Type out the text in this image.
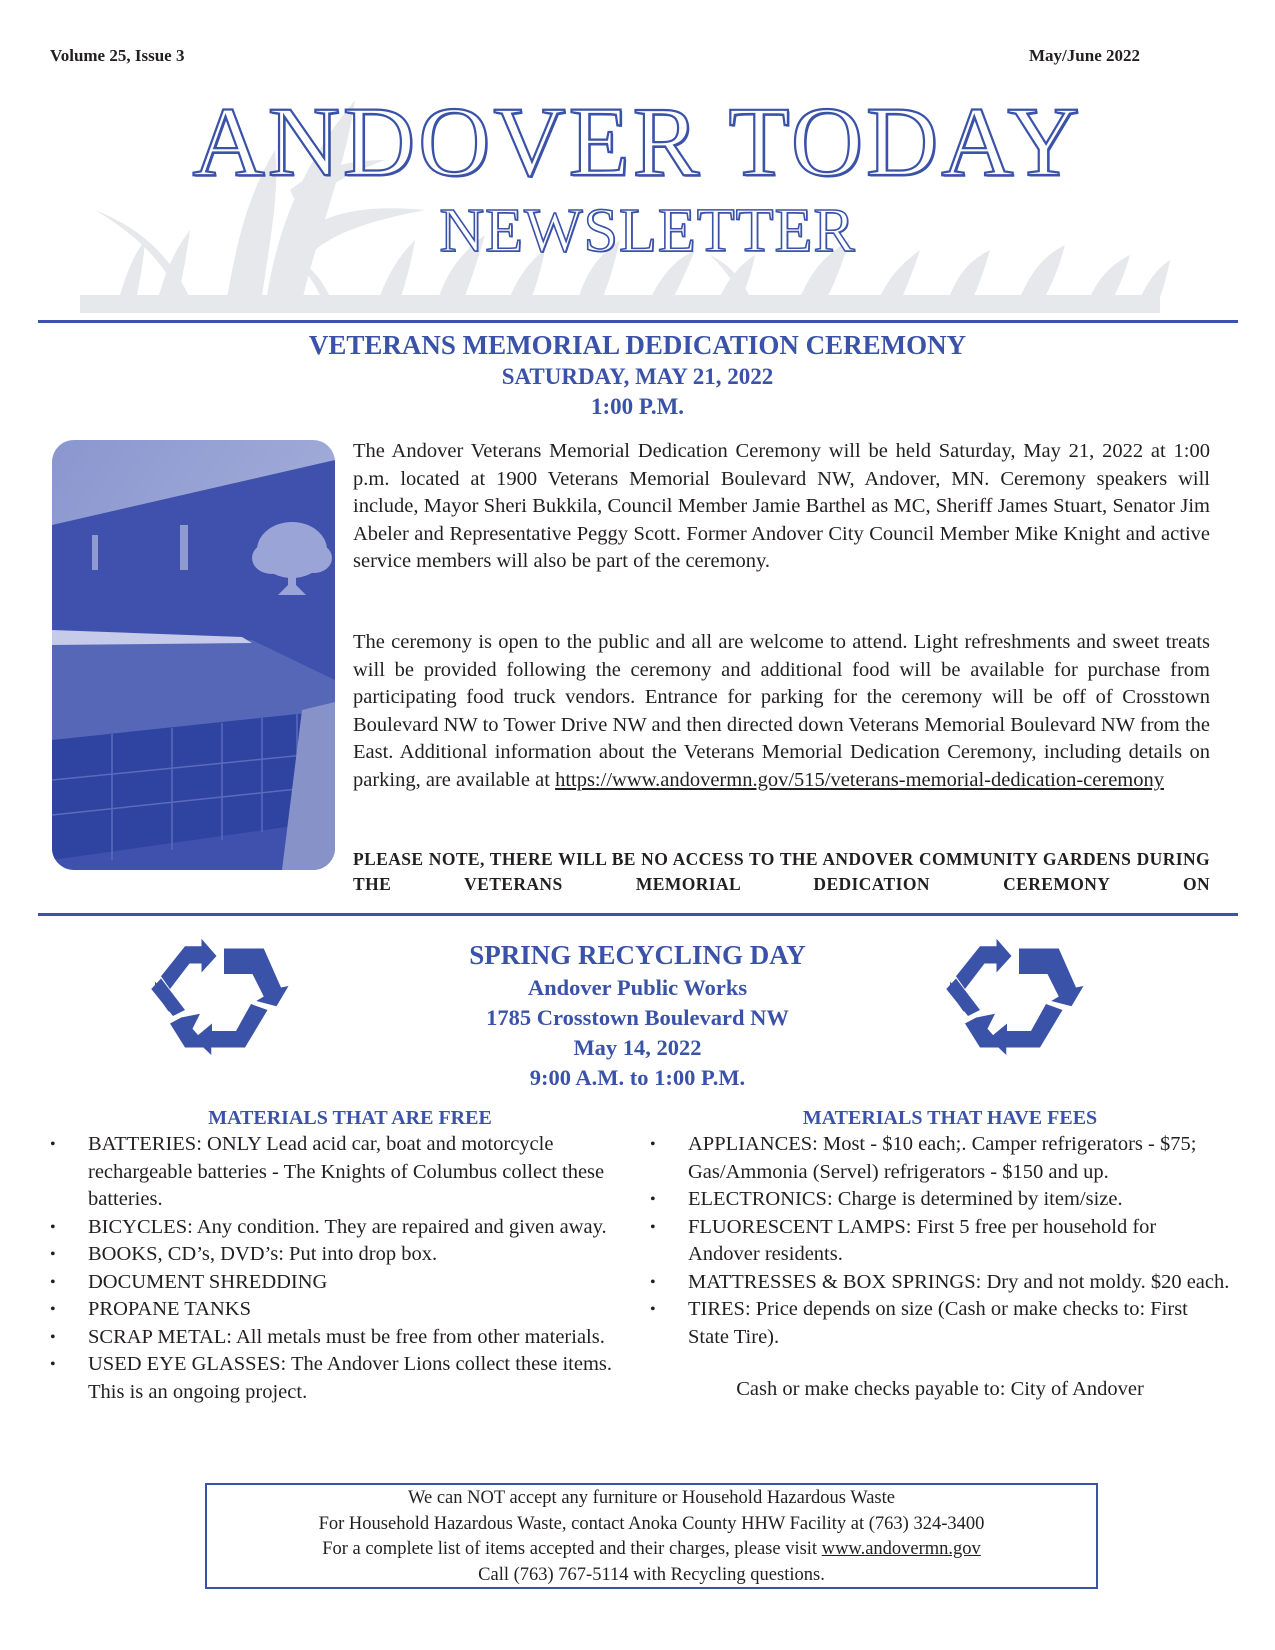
Volume 25, Issue 3	May/June 2022
ANDOVER TODAY
NEWSLETTER
VETERANS MEMORIAL DEDICATION CEREMONY
SATURDAY, MAY 21, 2022
1:00 P.M.
The Andover Veterans Memorial Dedication Ceremony will be held Saturday, May 21, 2022 at 1:00 p.m. located at 1900 Veterans Memorial Boulevard NW, Andover, MN. Ceremony speakers will include, Mayor Sheri Bukkila, Council Member Jamie Barthel as MC, Sheriff James Stuart, Senator Jim Abeler and Representative Peggy Scott. Former Andover City Council Member Mike Knight and active service members will also be part of the ceremony.
The ceremony is open to the public and all are welcome to attend. Light refreshments and sweet treats will be provided following the ceremony and additional food will be available for purchase from participating food truck vendors. Entrance for parking for the ceremony will be off of Crosstown Boulevard NW to Tower Drive NW and then directed down Veterans Memorial Boulevard NW from the East. Additional information about the Veterans Memorial Dedication Ceremony, including details on parking, are available at https://www.andovermn.gov/515/veterans-memorial-dedication-ceremony
PLEASE NOTE, THERE WILL BE NO ACCESS TO THE ANDOVER COMMUNITY GARDENS DURING THE VETERANS MEMORIAL DEDICATION CEREMONY ON
SPRING RECYCLING DAY
Andover Public Works
1785 Crosstown Boulevard NW
May 14, 2022
9:00 A.M. to 1:00 P.M.
MATERIALS THAT ARE FREE
•	BATTERIES: ONLY Lead acid car, boat and motorcycle rechargeable batteries - The Knights of Columbus collect these batteries.
•	BICYCLES: Any condition. They are repaired and given away.
•	BOOKS, CD’s, DVD’s: Put into drop box.
•	DOCUMENT SHREDDING
•	PROPANE TANKS
•	SCRAP METAL: All metals must be free from other materials.
•	USED EYE GLASSES: The Andover Lions collect these items. This is an ongoing project.
MATERIALS THAT HAVE FEES
•	APPLIANCES: Most - $10 each;. Camper refrigerators - $75; Gas/Ammonia (Servel) refrigerators - $150 and up.
•	ELECTRONICS: Charge is determined by item/size.
•	FLUORESCENT LAMPS: First 5 free per household for Andover residents.
•	MATTRESSES & BOX SPRINGS: Dry and not moldy. $20 each.
•	TIRES: Price depends on size (Cash or make checks to: First State Tire).
Cash or make checks payable to: City of Andover
We can NOT accept any furniture or Household Hazardous Waste
For Household Hazardous Waste, contact Anoka County HHW Facility at (763) 324-3400
For a complete list of items accepted and their charges, please visit www.andovermn.gov
Call (763) 767-5114 with Recycling questions.
